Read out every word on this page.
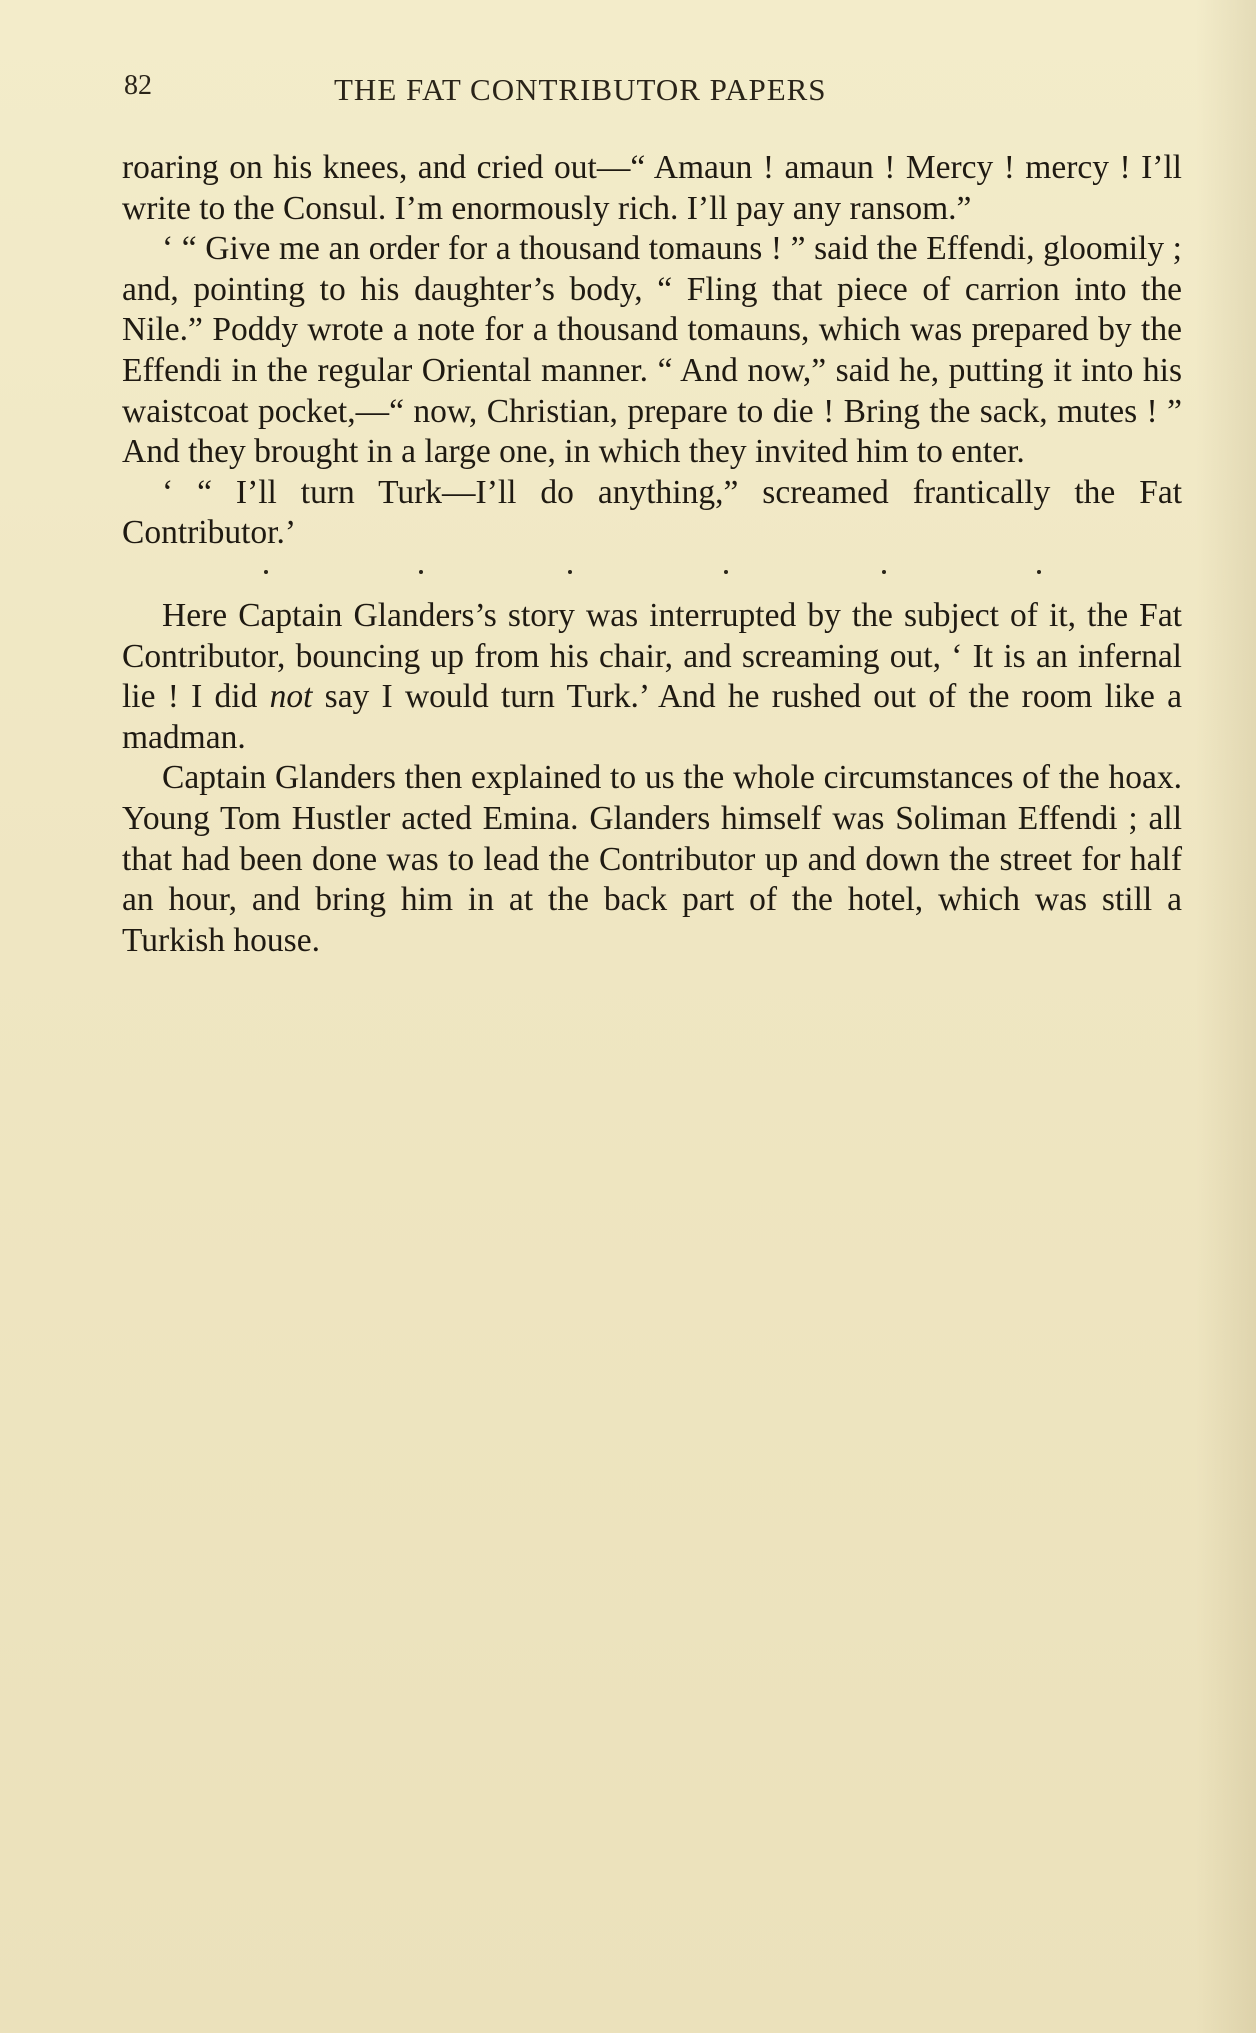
82	THE FAT CONTRIBUTOR PAPERS

roaring on his knees, and cried out—“ Amaun ! amaun ! Mercy ! mercy ! I’ll write to the Consul. I’m enormously rich. I’ll pay any ransom.”

‘ “ Give me an order for a thousand tomauns ! ” said the Effendi, gloomily ; and, pointing to his daughter’s body, “ Fling that piece of carrion into the Nile.” Poddy wrote a note for a thousand tomauns, which was prepared by the Effendi in the regular Oriental manner. “ And now,” said he, putting it into his waistcoat pocket,—“ now, Christian, prepare to die ! Bring the sack, mutes ! ” And they brought in a large one, in which they invited him to enter.

‘ “ I’ll turn Turk—I’ll do anything,” screamed frantically the Fat Contributor.’

Here Captain Glanders’s story was interrupted by the subject of it, the Fat Contributor, bouncing up from his chair, and screaming out, ‘ It is an infernal lie ! I did not say I would turn Turk.’ And he rushed out of the room like a madman.

Captain Glanders then explained to us the whole circumstances of the hoax. Young Tom Hustler acted Emina. Glanders himself was Soliman Effendi ; all that had been done was to lead the Contributor up and down the street for half an hour, and bring him in at the back part of the hotel, which was still a Turkish house.
